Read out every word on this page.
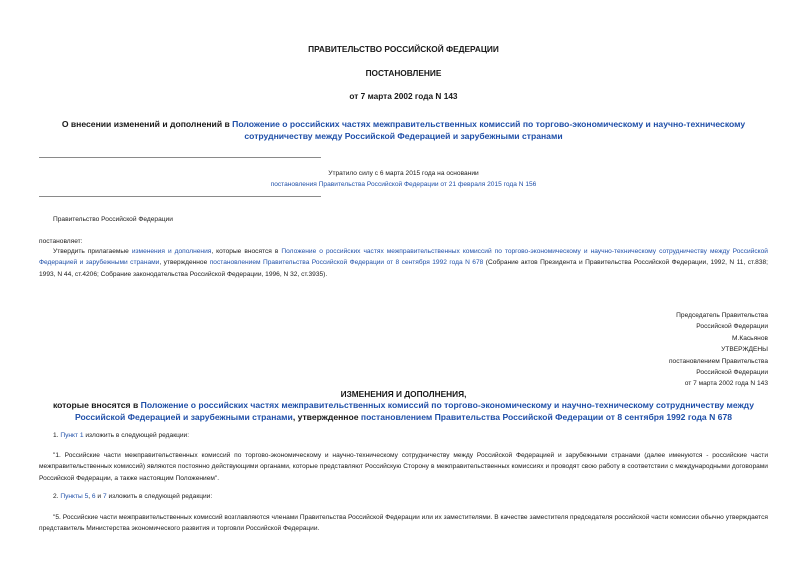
ПРАВИТЕЛЬСТВО РОССИЙСКОЙ ФЕДЕРАЦИИ
ПОСТАНОВЛЕНИЕ
от 7 марта 2002 года N 143
О внесении изменений и дополнений в Положение о российских частях межправительственных комиссий по торгово-экономическому и научно-техническому сотрудничеству между Российской Федерацией и зарубежными странами
Утратило силу с 6 марта 2015 года на основании
постановления Правительства Российской Федерации от 21 февраля 2015 года N 156
Правительство Российской Федерации
постановляет:
Утвердить прилагаемые изменения и дополнения, которые вносятся в Положение о российских частях межправительственных комиссий по торгово-экономическому и научно-техническому сотрудничеству между Российской Федерацией и зарубежными странами, утвержденное постановлением Правительства Российской Федерации от 8 сентября 1992 года N 678 (Собрание актов Президента и Правительства Российской Федерации, 1992, N 11, ст.838; 1993, N 44, ст.4206; Собрание законодательства Российской Федерации, 1996, N 32, ст.3935).
Председатель Правительства
Российской Федерации
М.Касьянов
УТВЕРЖДЕНЫ
постановлением Правительства
Российской Федерации
от 7 марта 2002 года N 143
ИЗМЕНЕНИЯ И ДОПОЛНЕНИЯ,
которые вносятся в Положение о российских частях межправительственных комиссий по торгово-экономическому и научно-техническому сотрудничеству между Российской Федерацией и зарубежными странами, утвержденное постановлением Правительства Российской Федерации от 8 сентября 1992 года N 678
1. Пункт 1 изложить в следующей редакции:
"1. Российские части межправительственных комиссий по торгово-экономическому и научно-техническому сотрудничеству между Российской Федерацией и зарубежными странами (далее именуются - российские части межправительственных комиссий) являются постоянно действующими органами, которые представляют Российскую Сторону в межправительственных комиссиях и проводят свою работу в соответствии с международными договорами Российской Федерации, а также настоящим Положением".
2. Пункты 5, 6 и 7 изложить в следующей редакции:
"5. Российские части межправительственных комиссий возглавляются членами Правительства Российской Федерации или их заместителями. В качестве заместителя председателя российской части комиссии обычно утверждается представитель Министерства экономического развития и торговли Российской Федерации.
